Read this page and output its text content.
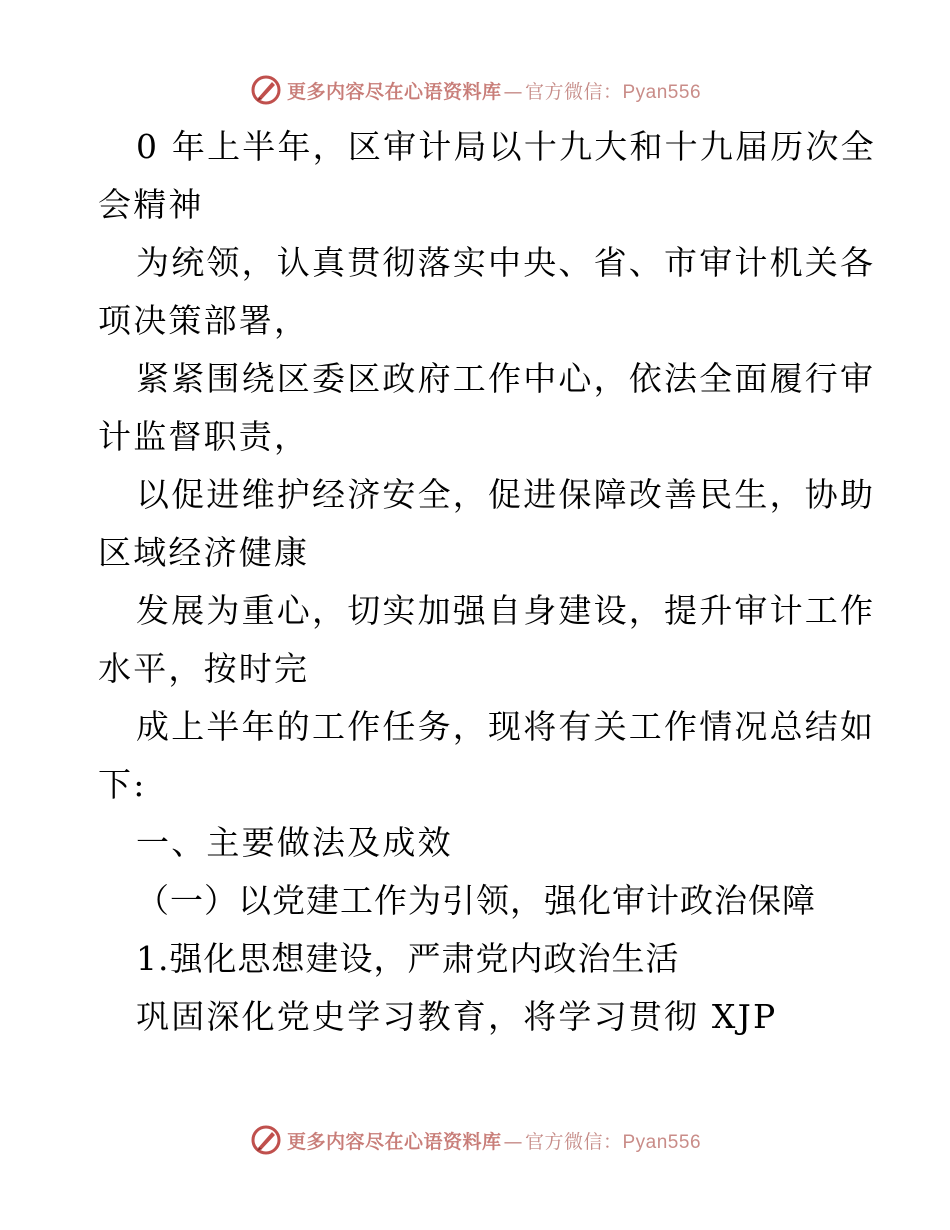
更多内容尽在心语资料库 — 官方微信：Pyan556
0 年上半年，区审计局以十九大和十九届历次全
会精神
为统领，认真贯彻落实中央、省、市审计机关各
项决策部署，
紧紧围绕区委区政府工作中心，依法全面履行审
计监督职责，
以促进维护经济安全，促进保障改善民生，协助
区域经济健康
发展为重心，切实加强自身建设，提升审计工作
水平，按时完
成上半年的工作任务，现将有关工作情况总结如
下:
一、主要做法及成效
（一）以党建工作为引领，强化审计政治保障
1.强化思想建设，严肃党内政治生活
巩固深化党史学习教育，将学习贯彻 XJP
更多内容尽在心语资料库 — 官方微信：Pyan556
